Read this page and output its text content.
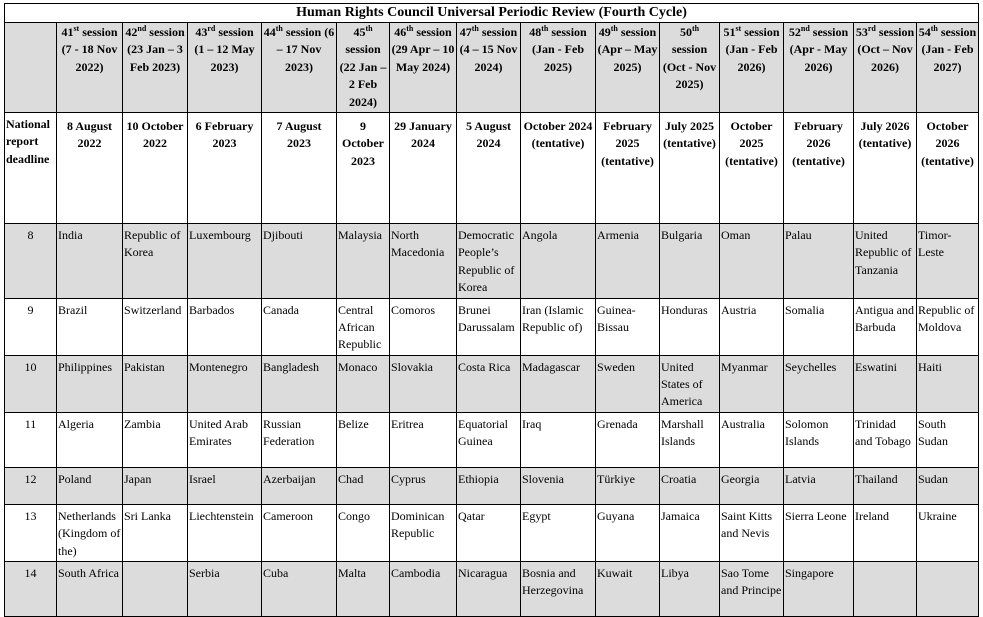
Human Rights Council Universal Periodic Review (Fourth Cycle)														
	41st session (7 - 18 Nov 2022)	42nd session (23 Jan – 3 Feb 2023)	43rd session (1 – 12 May 2023)	44th session (6 – 17 Nov 2023)	45th session (22 Jan – 2 Feb 2024)	46th session (29 Apr – 10 May 2024)	47th session (4 – 15 Nov 2024)	48th session (Jan - Feb 2025)	49th session (Apr – May 2025)	50th session (Oct - Nov 2025)	51st session (Jan - Feb 2026)	52nd session (Apr - May 2026)	53rd session (Oct – Nov 2026)	54th session (Jan - Feb 2027)
National report deadline	8 August 2022	10 October 2022	6 February 2023	7 August 2023	9 October 2023	29 January 2024	5 August 2024	October 2024 (tentative)	February 2025 (tentative)	July 2025 (tentative)	October 2025 (tentative)	February 2026 (tentative)	July 2026 (tentative)	October 2026 (tentative)
8	India	Republic of Korea	Luxembourg	Djibouti	Malaysia	North Macedonia	Democratic People’s Republic of Korea	Angola	Armenia	Bulgaria	Oman	Palau	United Republic of Tanzania	Timor-Leste
9	Brazil	Switzerland	Barbados	Canada	Central African Republic	Comoros	Brunei Darussalam	Iran (Islamic Republic of)	Guinea-Bissau	Honduras	Austria	Somalia	Antigua and Barbuda	Republic of Moldova
10	Philippines	Pakistan	Montenegro	Bangladesh	Monaco	Slovakia	Costa Rica	Madagascar	Sweden	United States of America	Myanmar	Seychelles	Eswatini	Haiti
11	Algeria	Zambia	United Arab Emirates	Russian Federation	Belize	Eritrea	Equatorial Guinea	Iraq	Grenada	Marshall Islands	Australia	Solomon Islands	Trinidad and Tobago	South Sudan
12	Poland	Japan	Israel	Azerbaijan	Chad	Cyprus	Ethiopia	Slovenia	Türkiye	Croatia	Georgia	Latvia	Thailand	Sudan
13	Netherlands (Kingdom of the)	Sri Lanka	Liechtenstein	Cameroon	Congo	Dominican Republic	Qatar	Egypt	Guyana	Jamaica	Saint Kitts and Nevis	Sierra Leone	Ireland	Ukraine
14	South Africa		Serbia	Cuba	Malta	Cambodia	Nicaragua	Bosnia and Herzegovina	Kuwait	Libya	Sao Tome and Principe	Singapore		
